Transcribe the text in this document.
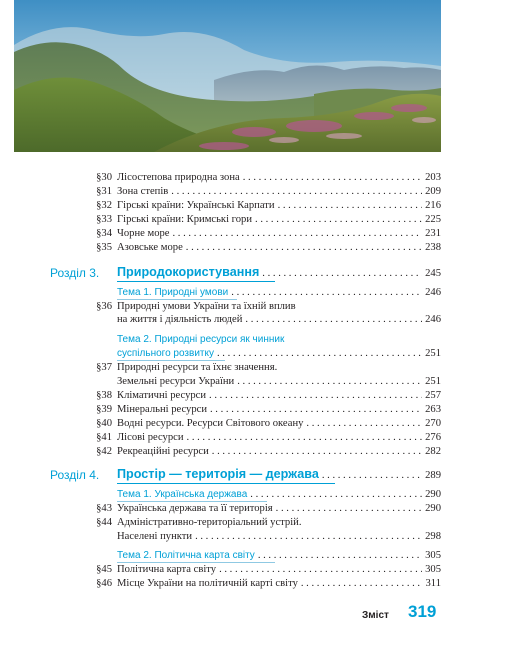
§30 Лісостепова природна зона . . .	203
§31 Зона степів . . .	209
§32 Гірські країни: Українські Карпати . . .	216
§33 Гірські країни: Кримські гори . . .	225
§34 Чорне море . . .	231
§35 Азовське море . . .	238
Розділ 3.	Природокористування . . .	245
Тема 1. Природні умови . . .	246
§36 Природні умови України та їхній вплив
на життя і діяльність людей . . .	246
Тема 2. Природні ресурси як чинник
суспільного розвитку . . .	251
§37 Природні ресурси та їхнє значення.
Земельні ресурси України . . .	251
§38 Кліматичні ресурси . . .	257
§39 Мінеральні ресурси . . .	263
§40 Водні ресурси. Ресурси Світового океану . . .	270
§41 Лісові ресурси . . .	276
§42 Рекреаційні ресурси . . .	282
Розділ 4.	Простір — територія — держава . . .	289
Тема 1. Українська держава . . .	290
§43 Українська держава та її територія . . .	290
§44 Адміністративно-територіальний устрій.
Населені пункти . . .	298
Тема 2. Політична карта світу . . .	305
§45 Політична карта світу . . .	305
§46 Місце України на політичній карті світу . . .	311
Зміст 319
